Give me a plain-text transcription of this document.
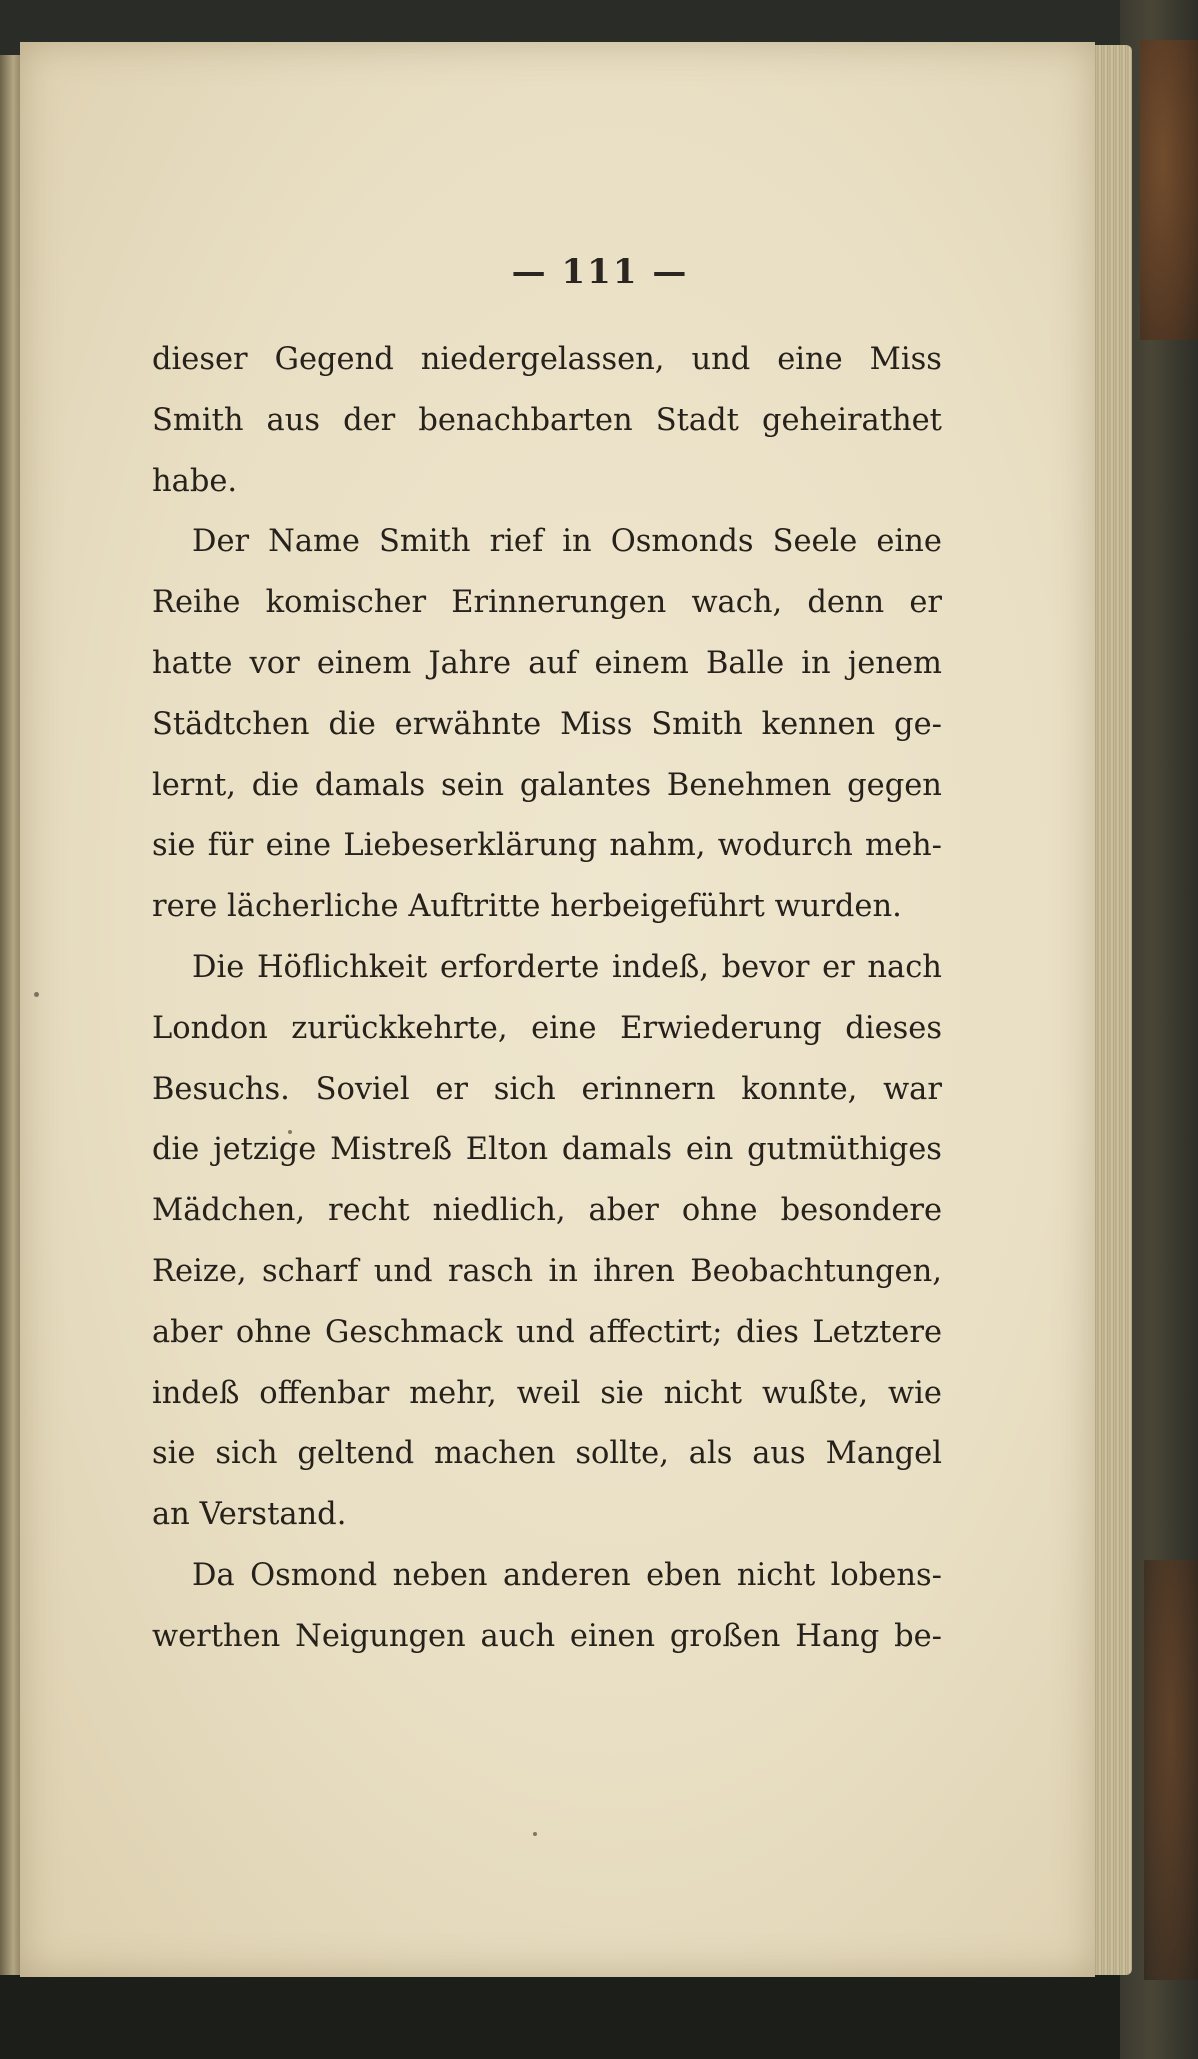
— 111 —
dieser Gegend niedergelassen, und eine Miss
Smith aus der benachbarten Stadt geheirathet
habe.
Der Name Smith rief in Osmonds Seele eine
Reihe komischer Erinnerungen wach, denn er
hatte vor einem Jahre auf einem Balle in jenem
Städtchen die erwähnte Miss Smith kennen ge-
lernt, die damals sein galantes Benehmen gegen
sie für eine Liebeserklärung nahm, wodurch meh-
rere lächerliche Auftritte herbeigeführt wurden.
Die Höflichkeit erforderte indeß, bevor er nach
London zurückkehrte, eine Erwiederung dieses
Besuchs. Soviel er sich erinnern konnte, war
die jetzige Mistreß Elton damals ein gutmüthiges
Mädchen, recht niedlich, aber ohne besondere
Reize, scharf und rasch in ihren Beobachtungen,
aber ohne Geschmack und affectirt; dies Letztere
indeß offenbar mehr, weil sie nicht wußte, wie
sie sich geltend machen sollte, als aus Mangel
an Verstand.
Da Osmond neben anderen eben nicht lobens-
werthen Neigungen auch einen großen Hang be-
